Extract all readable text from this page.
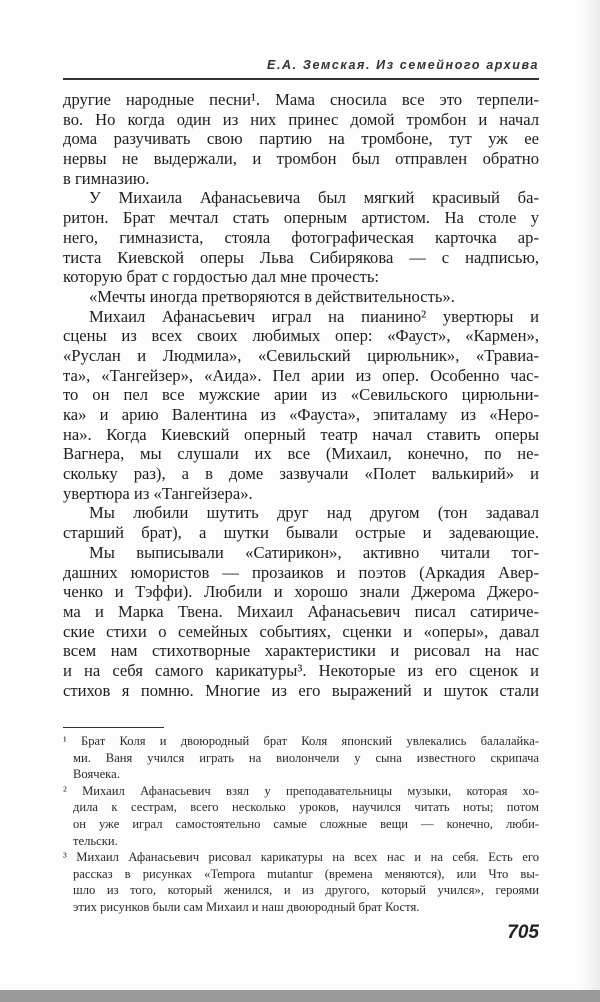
Е.А. Земская. Из семейного архива
другие народные песни¹. Мама сносила все это терпели-
во. Но когда один из них принес домой тромбон и начал
дома разучивать свою партию на тромбоне, тут уж ее
нервы не выдержали, и тромбон был отправлен обратно
в гимназию.
У Михаила Афанасьевича был мягкий красивый ба-
ритон. Брат мечтал стать оперным артистом. На столе у
него, гимназиста, стояла фотографическая карточка ар-
тиста Киевской оперы Льва Сибирякова — с надписью,
которую брат с гордостью дал мне прочесть:
«Мечты иногда претворяются в действительность».
Михаил Афанасьевич играл на пианино² увертюры и
сцены из всех своих любимых опер: «Фауст», «Кармен»,
«Руслан и Людмила», «Севильский цирюльник», «Травиа-
та», «Тангейзер», «Аида». Пел арии из опер. Особенно час-
то он пел все мужские арии из «Севильского цирюльни-
ка» и арию Валентина из «Фауста», эпиталаму из «Неро-
на». Когда Киевский оперный театр начал ставить оперы
Вагнера, мы слушали их все (Михаил, конечно, по не-
скольку раз), а в доме зазвучали «Полет валькирий» и
увертюра из «Тангейзера».
Мы любили шутить друг над другом (тон задавал
старший брат), а шутки бывали острые и задевающие.
Мы выписывали «Сатирикон», активно читали тог-
дашних юмористов — прозаиков и поэтов (Аркадия Авер-
ченко и Тэффи). Любили и хорошо знали Джерома Джеро-
ма и Марка Твена. Михаил Афанасьевич писал сатириче-
ские стихи о семейных событиях, сценки и «оперы», давал
всем нам стихотворные характеристики и рисовал на нас
и на себя самого карикатуры³. Некоторые из его сценок и
стихов я помню. Многие из его выражений и шуток стали
¹ Брат Коля и двоюродный брат Коля японский увлекались балалайка-
ми. Ваня учился играть на виолончели у сына известного скрипача
Воячека.
² Михаил Афанасьевич взял у преподавательницы музыки, которая хо-
дила к сестрам, всего несколько уроков, научился читать ноты; потом
он уже играл самостоятельно самые сложные вещи — конечно, люби-
тельски.
³ Михаил Афанасьевич рисовал карикатуры на всех нас и на себя. Есть его
рассказ в рисунках «Tempora mutantur (времена меняются), или Что вы-
шло из того, который женился, и из другого, который учился», героями
этих рисунков были сам Михаил и наш двоюродный брат Костя.
705
